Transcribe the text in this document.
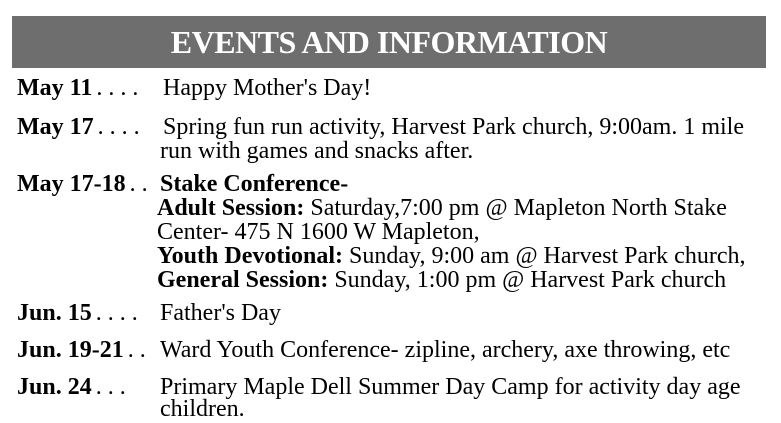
EVENTS AND INFORMATION
May 11 . . . . Happy Mother's Day!
May 17 . . . . Spring fun run activity, Harvest Park church, 9:00am. 1 mile
run with games and snacks after.
May 17-18 . . Stake Conference-
Adult Session: Saturday,7:00 pm @ Mapleton North Stake
Center- 475 N 1600 W Mapleton,
Youth Devotional: Sunday, 9:00 am @ Harvest Park church,
General Session: Sunday, 1:00 pm @ Harvest Park church
Jun. 15 . . . . Father's Day
Jun. 19-21 . . Ward Youth Conference- zipline, archery, axe throwing, etc
Jun. 24 . . . Primary Maple Dell Summer Day Camp for activity day age
children.
